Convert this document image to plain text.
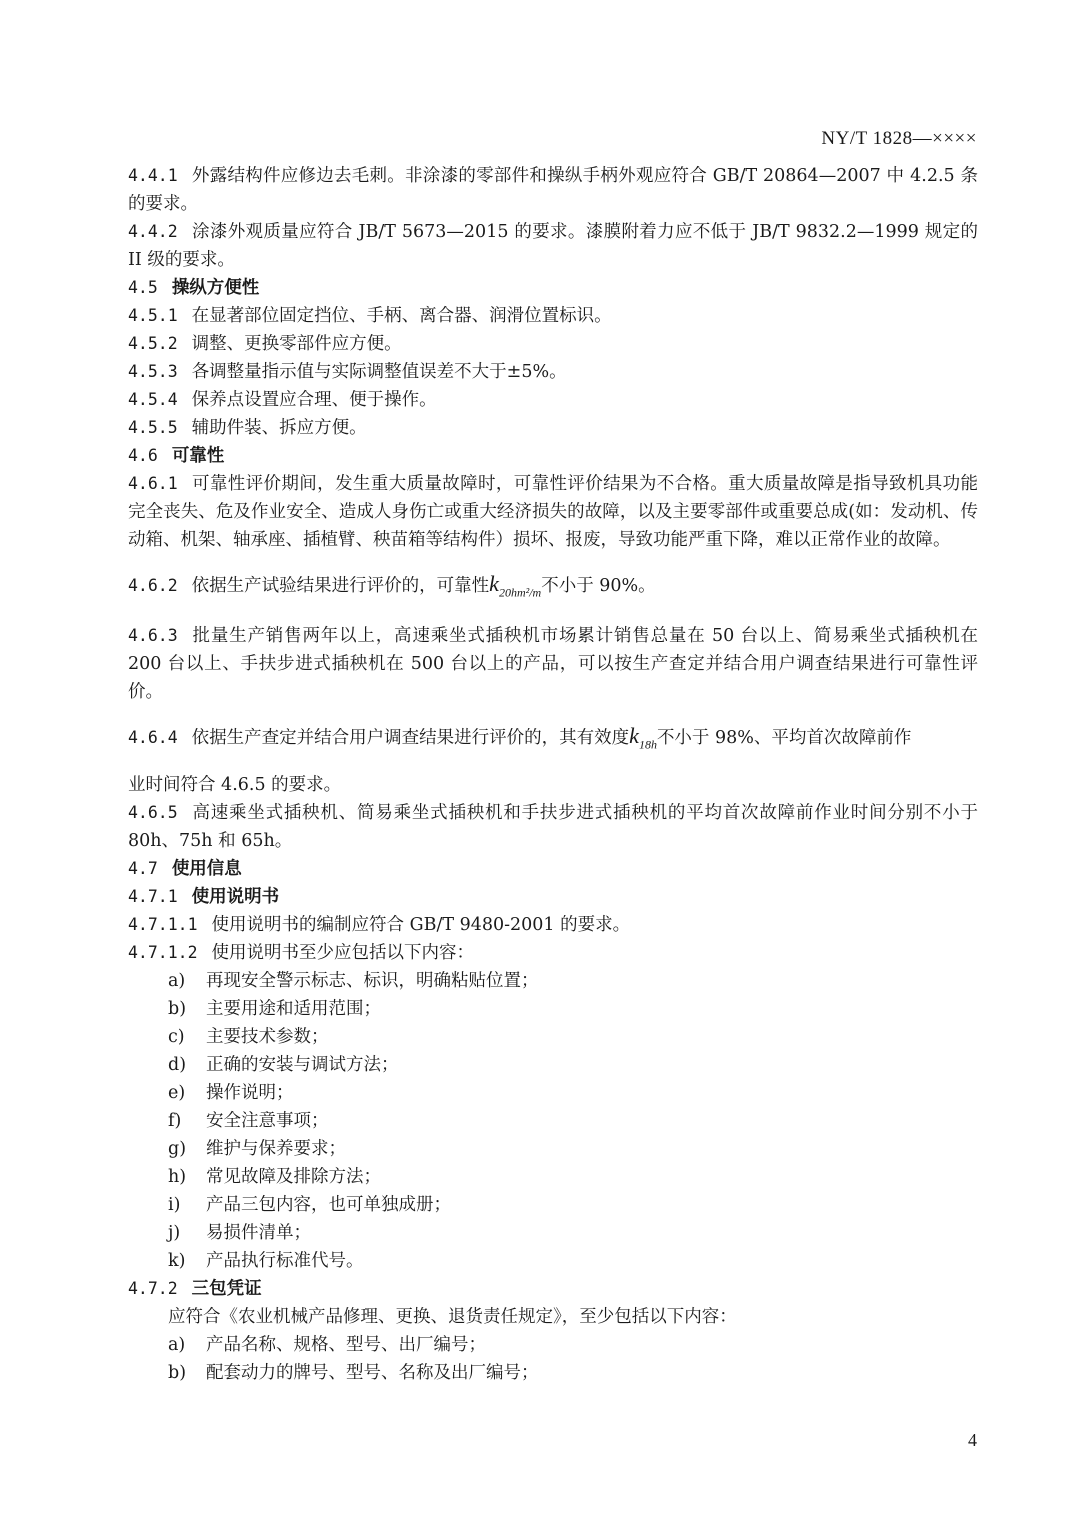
NY/T 1828—××××

4.4.1 外露结构件应修边去毛刺。非涂漆的零部件和操纵手柄外观应符合 GB/T 20864—2007 中 4.2.5 条的要求。

4.4.2 涂漆外观质量应符合 JB/T 5673—2015 的要求。漆膜附着力应不低于 JB/T 9832.2—1999 规定的 II 级的要求。

4.5 操纵方便性

4.5.1 在显著部位固定挡位、手柄、离合器、润滑位置标识。

4.5.2 调整、更换零部件应方便。

4.5.3 各调整量指示值与实际调整值误差不大于±5%。

4.5.4 保养点设置应合理、便于操作。

4.5.5 辅助件装、拆应方便。

4.6 可靠性

4.6.1 可靠性评价期间，发生重大质量故障时，可靠性评价结果为不合格。重大质量故障是指导致机具功能完全丧失、危及作业安全、造成人身伤亡或重大经济损失的故障，以及主要零部件或重要总成(如：发动机、传动箱、机架、轴承座、插植臂、秧苗箱等结构件）损坏、报废，导致功能严重下降，难以正常作业的故障。

4.6.2 依据生产试验结果进行评价的，可靠性$k_{20hm^2/m}$不小于 90%。

4.6.3 批量生产销售两年以上，高速乘坐式插秧机市场累计销售总量在 50 台以上、简易乘坐式插秧机在 200 台以上、手扶步进式插秧机在 500 台以上的产品，可以按生产查定并结合用户调查结果进行可靠性评价。

4.6.4 依据生产查定并结合用户调查结果进行评价的，其有效度$k_{18h}$不小于 98%、平均首次故障前作

业时间符合 4.6.5 的要求。

4.6.5 高速乘坐式插秧机、简易乘坐式插秧机和手扶步进式插秧机的平均首次故障前作业时间分别不小于 80h、75h 和 65h。

4.7 使用信息

4.7.1 使用说明书

4.7.1.1 使用说明书的编制应符合 GB/T 9480-2001 的要求。

4.7.1.2 使用说明书至少应包括以下内容：

a) 再现安全警示标志、标识，明确粘贴位置；

b) 主要用途和适用范围；

c) 主要技术参数；

d) 正确的安装与调试方法；

e) 操作说明；

f) 安全注意事项；

g) 维护与保养要求；

h) 常见故障及排除方法；

i) 产品三包内容，也可单独成册；

j) 易损件清单；

k) 产品执行标准代号。

4.7.2 三包凭证

应符合《农业机械产品修理、更换、退货责任规定》，至少包括以下内容：

a) 产品名称、规格、型号、出厂编号；

b) 配套动力的牌号、型号、名称及出厂编号；

4
